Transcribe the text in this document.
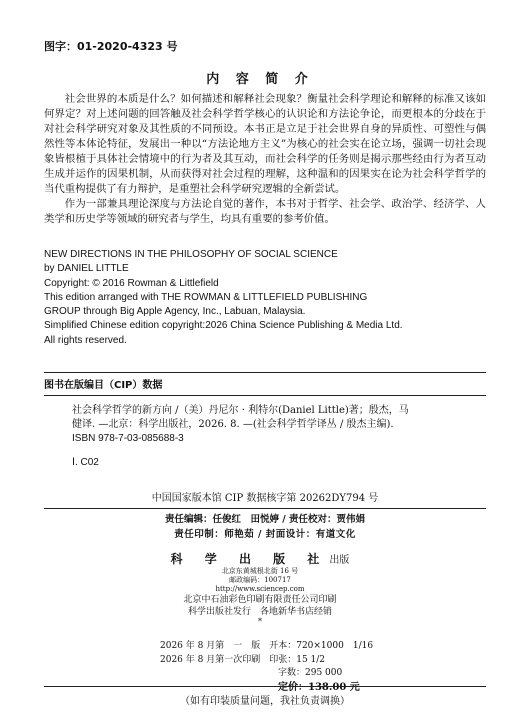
图字：01-2020-4323 号
内 容 简 介

社会世界的本质是什么？如何描述和解释社会现象？衡量社会科学理论和解释的标准又该如何界定？对上述问题的回答触及社会科学哲学核心的认识论和方法论争论，而更根本的分歧在于对社会科学研究对象及其性质的不同预设。本书正是立足于社会世界自身的异质性、可塑性与偶然性等本体论特征，发展出一种以“方法论地方主义”为核心的社会实在论立场，强调一切社会现象皆根植于具体社会情境中的行为者及其互动，而社会科学的任务则是揭示那些经由行为者互动生成并运作的因果机制，从而获得对社会过程的理解，这种温和的因果实在论为社会科学哲学的当代重构提供了有力辩护，是重塑社会科学研究逻辑的全新尝试。

作为一部兼具理论深度与方法论自觉的著作，本书对于哲学、社会学、政治学、经济学、人类学和历史学等领域的研究者与学生，均具有重要的参考价值。

NEW DIRECTIONS IN THE PHILOSOPHY OF SOCIAL SCIENCE
by DANIEL LITTLE
Copyright: © 2016 Rowman & Littlefield
This edition arranged with THE ROWMAN & LITTLEFIELD PUBLISHING
GROUP through Big Apple Agency, Inc., Labuan, Malaysia.
Simplified Chinese edition copyright:2026 China Science Publishing & Media Ltd.
All rights reserved.
图书在版编目（CIP）数据
社会科学哲学的新方向 /（美）丹尼尔 · 利特尔(Daniel Little)著；殷杰，马
健译. —北京：科学出版社，2026. 8. —(社会科学哲学译丛 / 殷杰主编).
ISBN 978-7-03-085688-3
Ⅰ. C02
中国国家版本馆 CIP 数据核字第 20262DY794 号
责任编辑：任俊红　田悦婷 / 责任校对：贾伟娟
责任印制：师艳茹 / 封面设计：有道文化
科 学 出 版 社 出版
北京东黄城根北街 16 号
邮政编码：100717
http://www.sciencep.com
北京中石油彩色印刷有限责任公司印刷
科学出版社发行　各地新华书店经销
*
2026 年 8 月第　一　版　开本：720×1000　1/16
2026 年 8 月第一次印刷　印张：15 1/2
字数：295 000
定价：138.00 元
（如有印装质量问题，我社负责调换）
